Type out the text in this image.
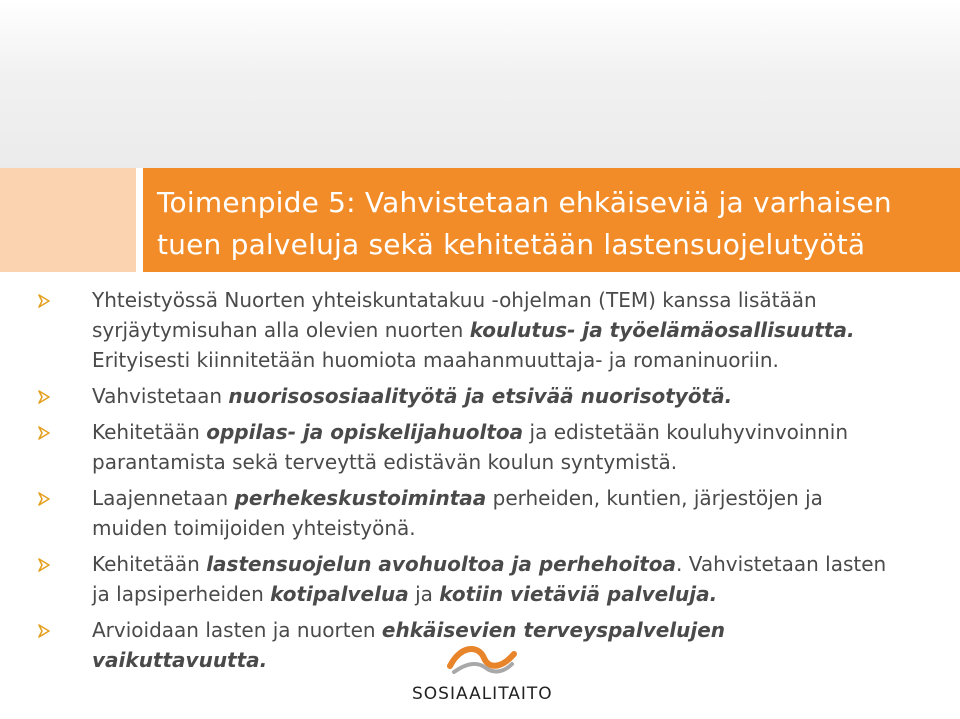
Toimenpide 5: Vahvistetaan ehkäiseviä ja varhaisen
tuen palveluja sekä kehitetään lastensuojelutyötä
Yhteistyössä Nuorten yhteiskuntatakuu -ohjelman (TEM) kanssa lisätään
syrjäytymisuhan alla olevien nuorten koulutus- ja työelämäosallisuutta.
Erityisesti kiinnitetään huomiota maahanmuuttaja- ja romaninuoriin.
Vahvistetaan nuorisososiaalityötä ja etsivää nuorisotyötä.
Kehitetään oppilas- ja opiskelijahuoltoa ja edistetään kouluhyvinvoinnin
parantamista sekä terveyttä edistävän koulun syntymistä.
Laajennetaan perhekeskustoimintaa perheiden, kuntien, järjestöjen ja
muiden toimijoiden yhteistyönä.
Kehitetään lastensuojelun avohuoltoa ja perhehoitoa. Vahvistetaan lasten
ja lapsiperheiden kotipalvelua ja kotiin vietäviä palveluja.
Arvioidaan lasten ja nuorten ehkäisevien terveyspalvelujen
vaikuttavuutta.
SOSIAALITAITO
